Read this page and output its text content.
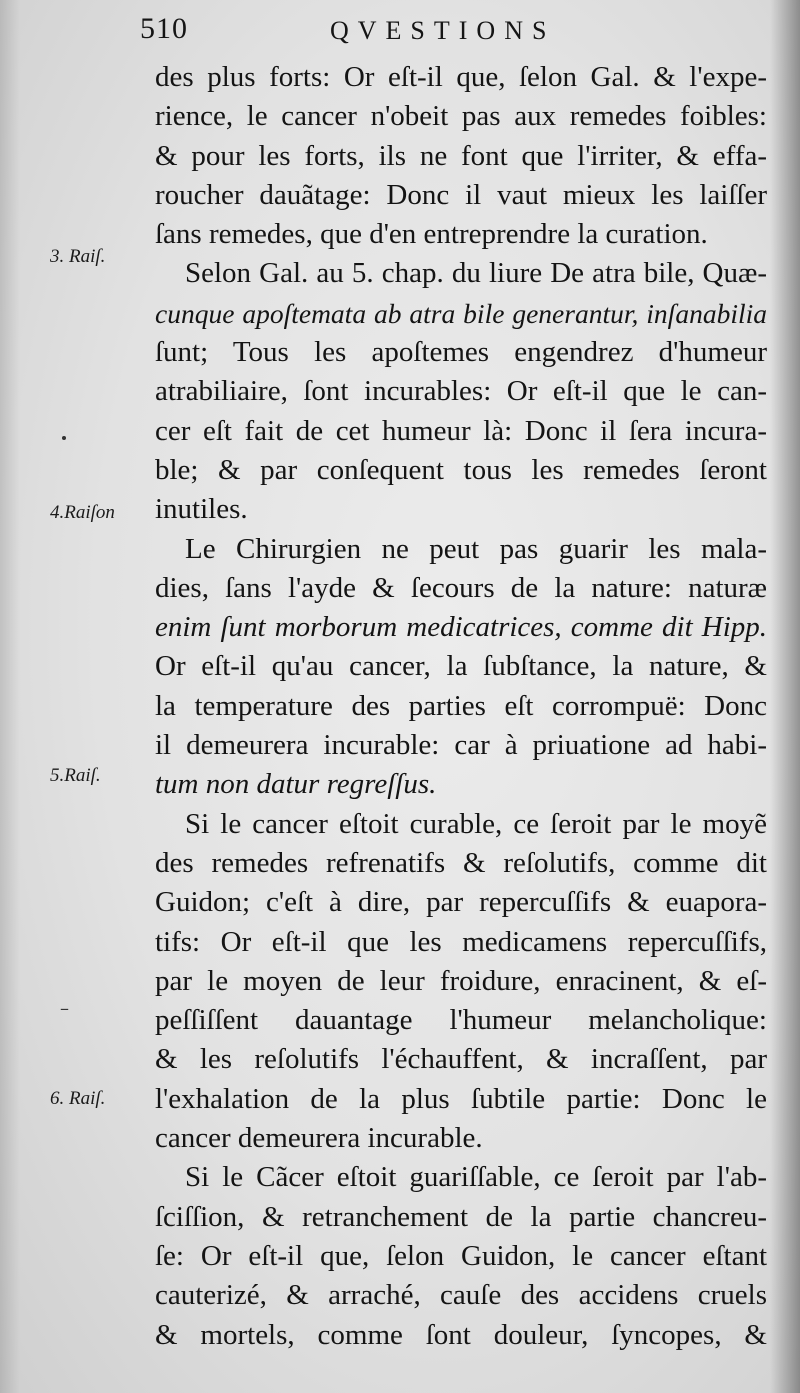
510	QVESTIONS
3. Raiſ.
4.Raiſon
5.Raiſ.
6. Raiſ.
–

des plus forts: Or eſt-il que, ſelon Gal. & l'expe-
rience, le cancer n'obeit pas aux remedes foibles:
& pour les forts, ils ne font que l'irriter, & effa-
roucher dauãtage: Donc il vaut mieux les laiſſer
ſans remedes, que d'en entreprendre la curation.

Selon Gal. au 5. chap. du liure De atra bile, Quæ-
cunque apoſtemata ab atra bile generantur, inſanabilia
ſunt; Tous les apoſtemes engendrez d'humeur
atrabiliaire, ſont incurables: Or eſt-il que le can-
cer eſt fait de cet humeur là: Donc il ſera incura-
ble; & par conſequent tous les remedes ſeront
inutiles.

Le Chirurgien ne peut pas guarir les mala-
dies, ſans l'ayde & ſecours de la nature: naturæ
enim ſunt morborum medicatrices, comme dit Hipp.
Or eſt-il qu'au cancer, la ſubſtance, la nature, &
la temperature des parties eſt corrompuë: Donc
il demeurera incurable: car à priuatione ad habi-
tum non datur regreſſus.

Si le cancer eſtoit curable, ce ſeroit par le moyẽ
des remedes refrenatifs & reſolutifs, comme dit
Guidon; c'eſt à dire, par repercuſſifs & euapora-
tifs: Or eſt-il que les medicamens repercuſſifs,
par le moyen de leur froidure, enracinent, & eſ-
peſſiſſent dauantage l'humeur melancholique:
& les reſolutifs l'échauffent, & incraſſent, par
l'exhalation de la plus ſubtile partie: Donc le
cancer demeurera incurable.

Si le Cãcer eſtoit guariſſable, ce ſeroit par l'ab-
ſciſſion, & retranchement de la partie chancreu-
ſe: Or eſt-il que, ſelon Guidon, le cancer eſtant
cauterizé, & arraché, cauſe des accidens cruels
& mortels, comme ſont douleur, ſyncopes, &
